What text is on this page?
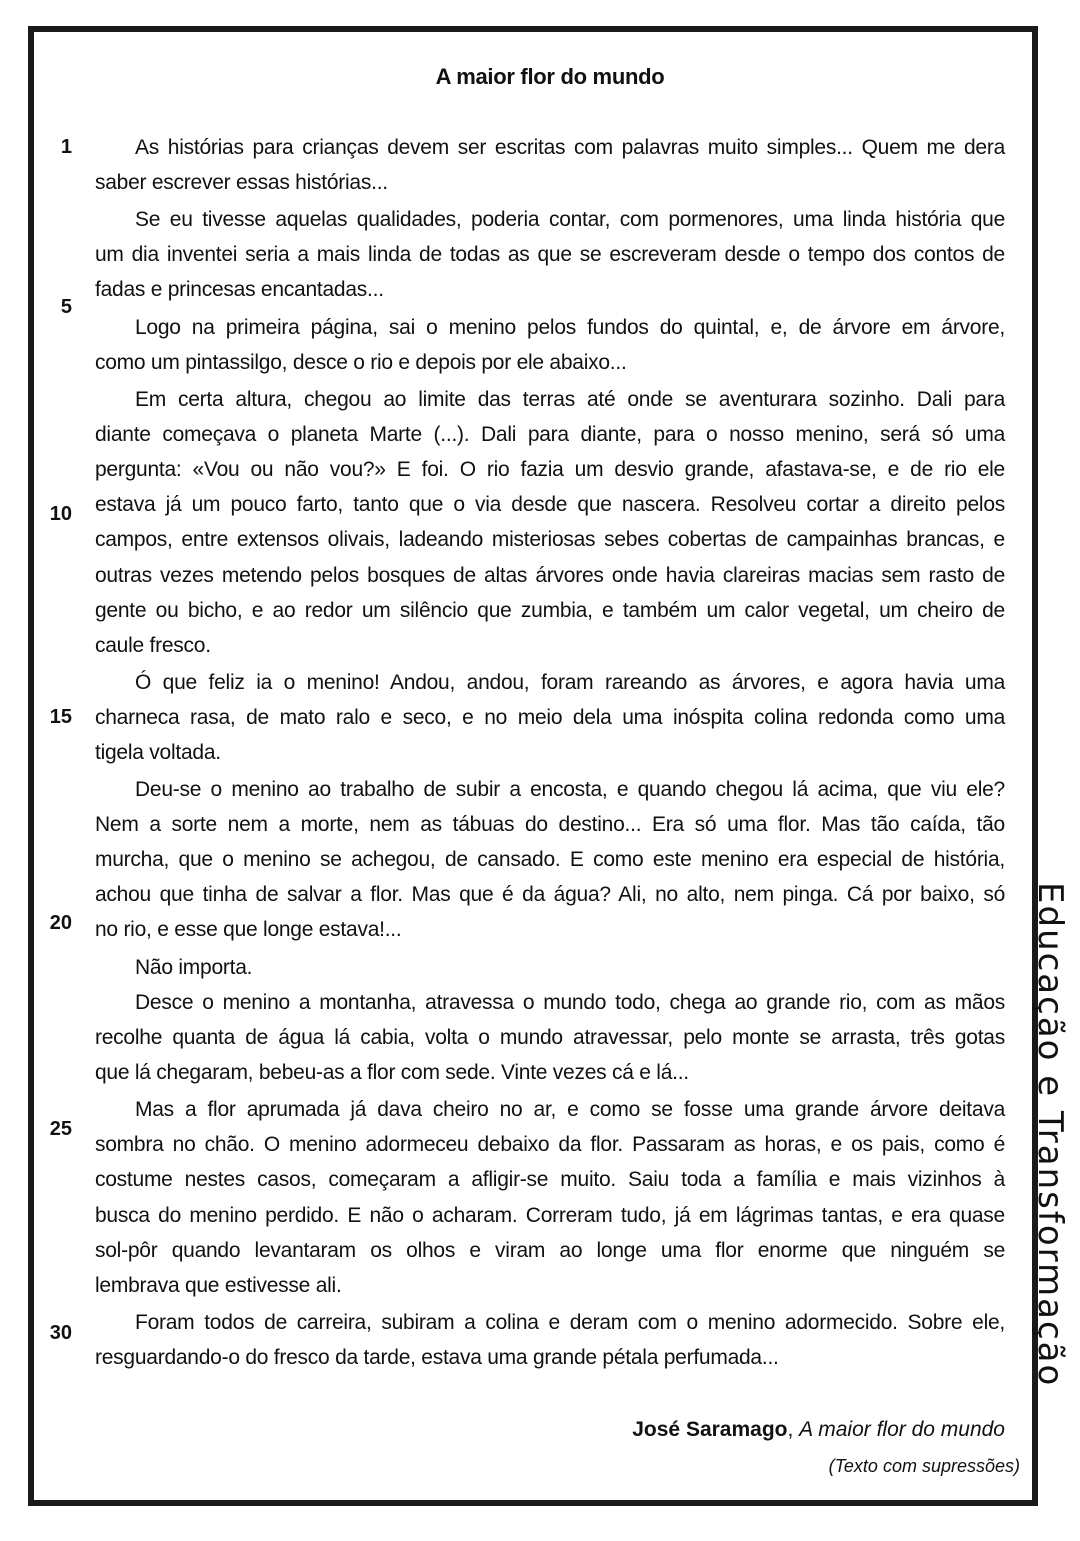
A maior flor do mundo
1
5
10
15
20
25
30
As histórias para crianças devem ser escritas com palavras muito simples... Quem me dera
saber escrever essas histórias...
Se eu tivesse aquelas qualidades, poderia contar, com pormenores, uma linda história que
um dia inventei seria a mais linda de todas as que se escreveram desde o tempo dos contos de
fadas e princesas encantadas...
Logo na primeira página, sai o menino pelos fundos do quintal, e, de árvore em árvore,
como um pintassilgo, desce o rio e depois por ele abaixo...
Em certa altura, chegou ao limite das terras até onde se aventurara sozinho. Dali para
diante começava o planeta Marte (...). Dali para diante, para o nosso menino, será só uma
pergunta: «Vou ou não vou?» E foi. O rio fazia um desvio grande, afastava-se, e de rio ele
estava já um pouco farto, tanto que o via desde que nascera. Resolveu cortar a direito pelos
campos, entre extensos olivais, ladeando misteriosas sebes cobertas de campainhas brancas, e
outras vezes metendo pelos bosques de altas árvores onde havia clareiras macias sem rasto de
gente ou bicho, e ao redor um silêncio que zumbia, e também um calor vegetal, um cheiro de
caule fresco.
Ó que feliz ia o menino! Andou, andou, foram rareando as árvores, e agora havia uma
charneca rasa, de mato ralo e seco, e no meio dela uma inóspita colina redonda como uma
tigela voltada.
Deu-se o menino ao trabalho de subir a encosta, e quando chegou lá acima, que viu ele?
Nem a sorte nem a morte, nem as tábuas do destino... Era só uma flor. Mas tão caída, tão
murcha, que o menino se achegou, de cansado. E como este menino era especial de história,
achou que tinha de salvar a flor. Mas que é da água? Ali, no alto, nem pinga. Cá por baixo, só
no rio, e esse que longe estava!...
Não importa.
Desce o menino a montanha, atravessa o mundo todo, chega ao grande rio, com as mãos
recolhe quanta de água lá cabia, volta o mundo atravessar, pelo monte se arrasta, três gotas
que lá chegaram, bebeu-as a flor com sede. Vinte vezes cá e lá...
Mas a flor aprumada já dava cheiro no ar, e como se fosse uma grande árvore deitava
sombra no chão. O menino adormeceu debaixo da flor. Passaram as horas, e os pais, como é
costume nestes casos, começaram a afligir-se muito. Saiu toda a família e mais vizinhos à
busca do menino perdido. E não o acharam. Correram tudo, já em lágrimas tantas, e era quase
sol-pôr quando levantaram os olhos e viram ao longe uma flor enorme que ninguém se
lembrava que estivesse ali.
Foram todos de carreira, subiram a colina e deram com o menino adormecido. Sobre ele,
resguardando-o do fresco da tarde, estava uma grande pétala perfumada...
José Saramago, A maior flor do mundo
(Texto com supressões)
Educação e Transformação
